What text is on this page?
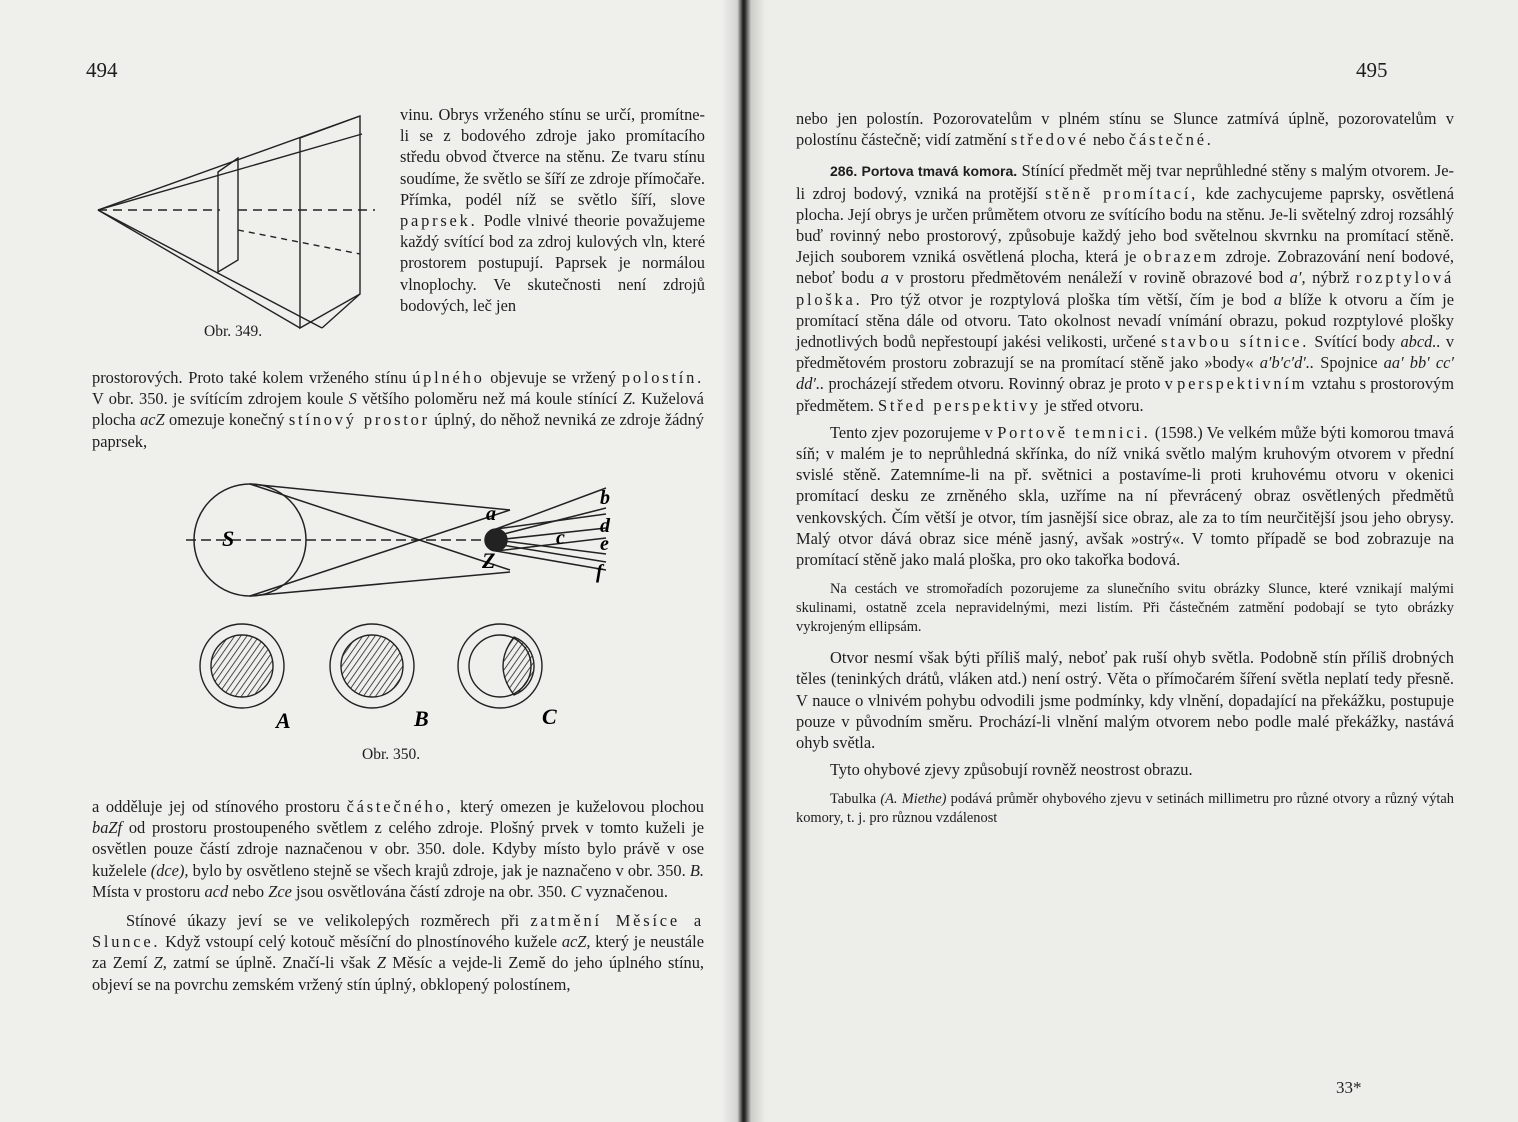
494
Obr. 349.

vinu. Obrys vrženého stínu se určí, promítne-li se z bodového zdroje jako promítacího středu obvod čtverce na stěnu. Ze tvaru stínu soudíme, že světlo se šíří ze zdroje přímočaře. Přímka, podél níž se světlo šíří, slove paprsek. Podle vlnivé theorie považujeme každý svítící bod za zdroj kulových vln, které prostorem postupují. Paprsek je normálou vlnoplochy. Ve skutečnosti není zdrojů bodových, leč jen

prostorových. Proto také kolem vrženého stínu úplného objevuje se vržený polostín. V obr. 350. je svítícím zdrojem koule S většího poloměru než má koule stínící Z. Kuželová plocha acZ omezuje konečný stínový prostor úplný, do něhož nevniká ze zdroje žádný paprsek,

S
Z
a
b
c
d
e
f
A	B	C
Obr. 350.

a odděluje jej od stínového prostoru částečného, který omezen je kuželovou plochou baZf od prostoru prostoupeného světlem z celého zdroje. Plošný prvek v tomto kuželi je osvětlen pouze částí zdroje naznačenou v obr. 350. dole. Kdyby místo bylo právě v ose kuželele (dce), bylo by osvětleno stejně se všech krajů zdroje, jak je naznačeno v obr. 350. B. Místa v prostoru acd nebo Zce jsou osvětlována částí zdroje na obr. 350. C vyznačenou.

Stínové úkazy jeví se ve velikolepých rozměrech při zatmění Měsíce a Slunce. Když vstoupí celý kotouč měsíční do plnostínového kužele acZ, který je neustále za Zemí Z, zatmí se úplně. Značí-li však Z Měsíc a vejde-li Země do jeho úplného stínu, objeví se na povrchu zemském vržený stín úplný, obklopený polostínem,

495

nebo jen polostín. Pozorovatelům v plném stínu se Slunce zatmívá úplně, pozorovatelům v polostínu částečně; vidí zatmění středové nebo částečné.

286. Portova tmavá komora. Stínící předmět měj tvar neprůhledné stěny s malým otvorem. Je-li zdroj bodový, vzniká na protější stěně promítací, kde zachycujeme paprsky, osvětlená plocha. Její obrys je určen průmětem otvoru ze svítícího bodu na stěnu. Je-li světelný zdroj rozsáhlý buď rovinný nebo prostorový, způsobuje každý jeho bod světelnou skvrnku na promítací stěně. Jejich souborem vzniká osvětlená plocha, která je obrazem zdroje. Zobrazování není bodové, neboť bodu a v prostoru předmětovém nenáleží v rovině obrazové bod a′, nýbrž rozptylová ploška. Pro týž otvor je rozptylová ploška tím větší, čím je bod a blíže k otvoru a čím je promítací stěna dále od otvoru. Tato okolnost nevadí vnímání obrazu, pokud rozptylové plošky jednotlivých bodů nepřestoupí jakési velikosti, určené stavbou sítnice. Svítící body abcd.. v předmětovém prostoru zobrazují se na promítací stěně jako »body« a′b′c′d′.. Spojnice aa′ bb′ cc′ dd′.. procházejí středem otvoru. Rovinný obraz je proto v perspektivním vztahu s prostorovým předmětem. Střed perspektivy je střed otvoru.

Tento zjev pozorujeme v Portově temnici. (1598.) Ve velkém může býti komorou tmavá síň; v malém je to neprůhledná skřínka, do níž vniká světlo malým kruhovým otvorem v přední svislé stěně. Zatemníme-li na př. světnici a postavíme-li proti kruhovému otvoru v okenici promítací desku ze zrněného skla, uzříme na ní převrácený obraz osvětlených předmětů venkovských. Čím větší je otvor, tím jasnější sice obraz, ale za to tím neurčitější jsou jeho obrysy. Malý otvor dává obraz sice méně jasný, avšak »ostrý«. V tomto případě se bod zobrazuje na promítací stěně jako malá ploška, pro oko takořka bodová.

Na cestách ve stromořadích pozorujeme za slunečního svitu obrázky Slunce, které vznikají malými skulinami, ostatně zcela nepravidelnými, mezi listím. Při částečném zatmění podobají se tyto obrázky vykrojeným ellipsám.

Otvor nesmí však býti příliš malý, neboť pak ruší ohyb světla. Podobně stín příliš drobných těles (teninkých drátů, vláken atd.) není ostrý. Věta o přímočarém šíření světla neplatí tedy přesně. V nauce o vlnivém pohybu odvodili jsme podmínky, kdy vlnění, dopadající na překážku, postupuje pouze v původním směru. Prochází-li vlnění malým otvorem nebo podle malé překážky, nastává ohyb světla.

Tyto ohybové zjevy způsobují rovněž neostrost obrazu.

Tabulka (A. Miethe) podává průměr ohybového zjevu v setinách millimetru pro různé otvory a různý výtah komory, t. j. pro různou vzdálenost

33*
